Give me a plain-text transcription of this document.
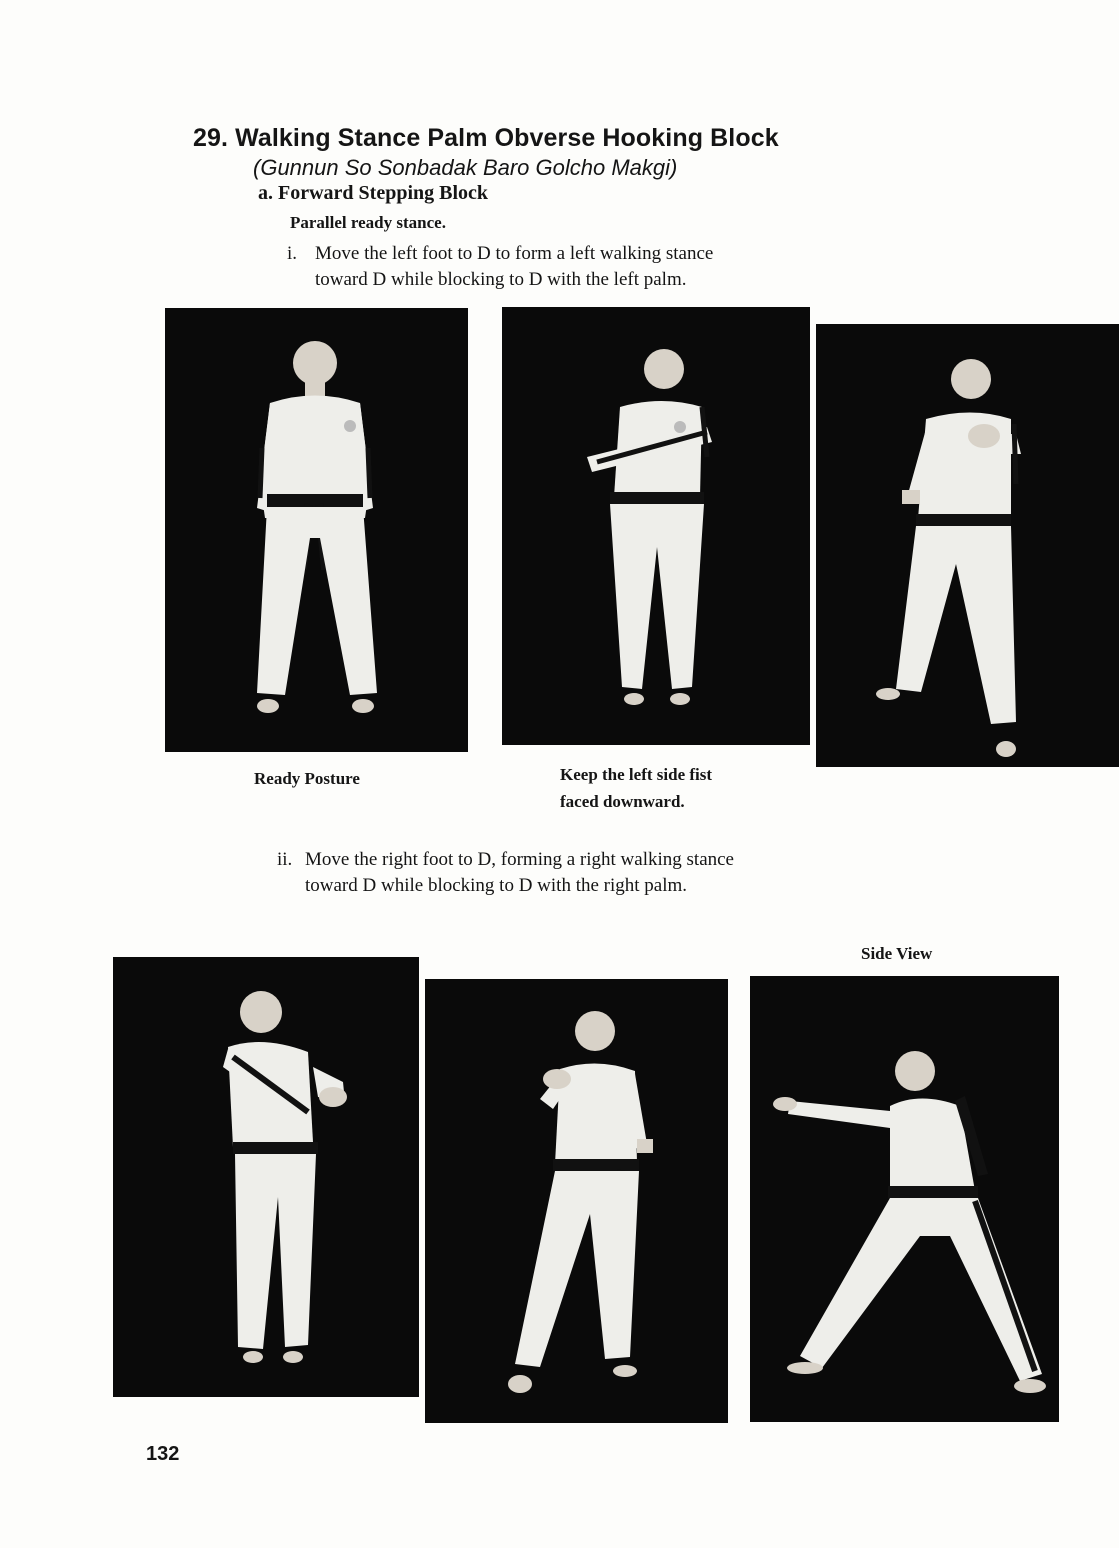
29. Walking Stance Palm Obverse Hooking Block
(Gunnun So Sonbadak Baro Golcho Makgi)
a. Forward Stepping Block
Parallel ready stance.
i. Move the left foot to D to form a left walking stance
toward D while blocking to D with the left palm.
Ready Posture	Keep the left side fist
faced downward.
ii. Move the right foot to D, forming a right walking stance
toward D while blocking to D with the right palm.
Side View
132
